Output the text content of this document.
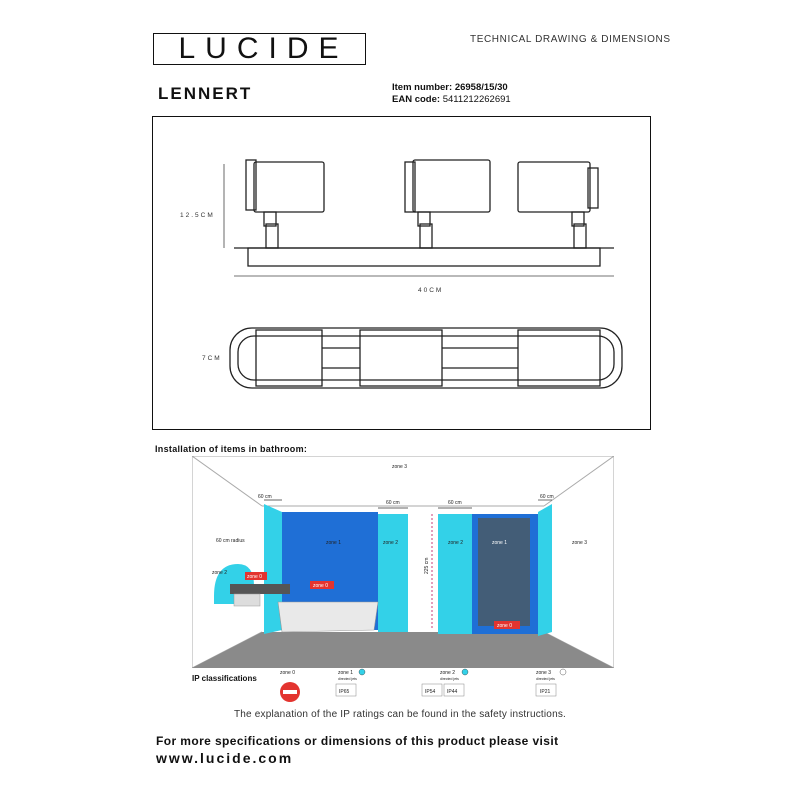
LUCIDE	TECHNICAL DRAWING & DIMENSIONS
LENNERT	Item number: 26958/15/30
EAN code: 5411212262691
12.5CM
40CM
7CM
Installation of items in bathroom:
zone 3
60 cm
60 cm	60 cm
60 cm
60 cm radius
zone 2
zone 0
zone 1
zone 0
zone 2
225 cm
zone 2	zone 1
zone 0
zone 3
IP classifications
zone 0	zone 1
directed jets
IP65
zone 2
directed jets
IP54 IP44
zone 3
directed jets
IP21
The explanation of the IP ratings can be found in the safety instructions.
For more specifications or dimensions of this product please visit
www.lucide.com
